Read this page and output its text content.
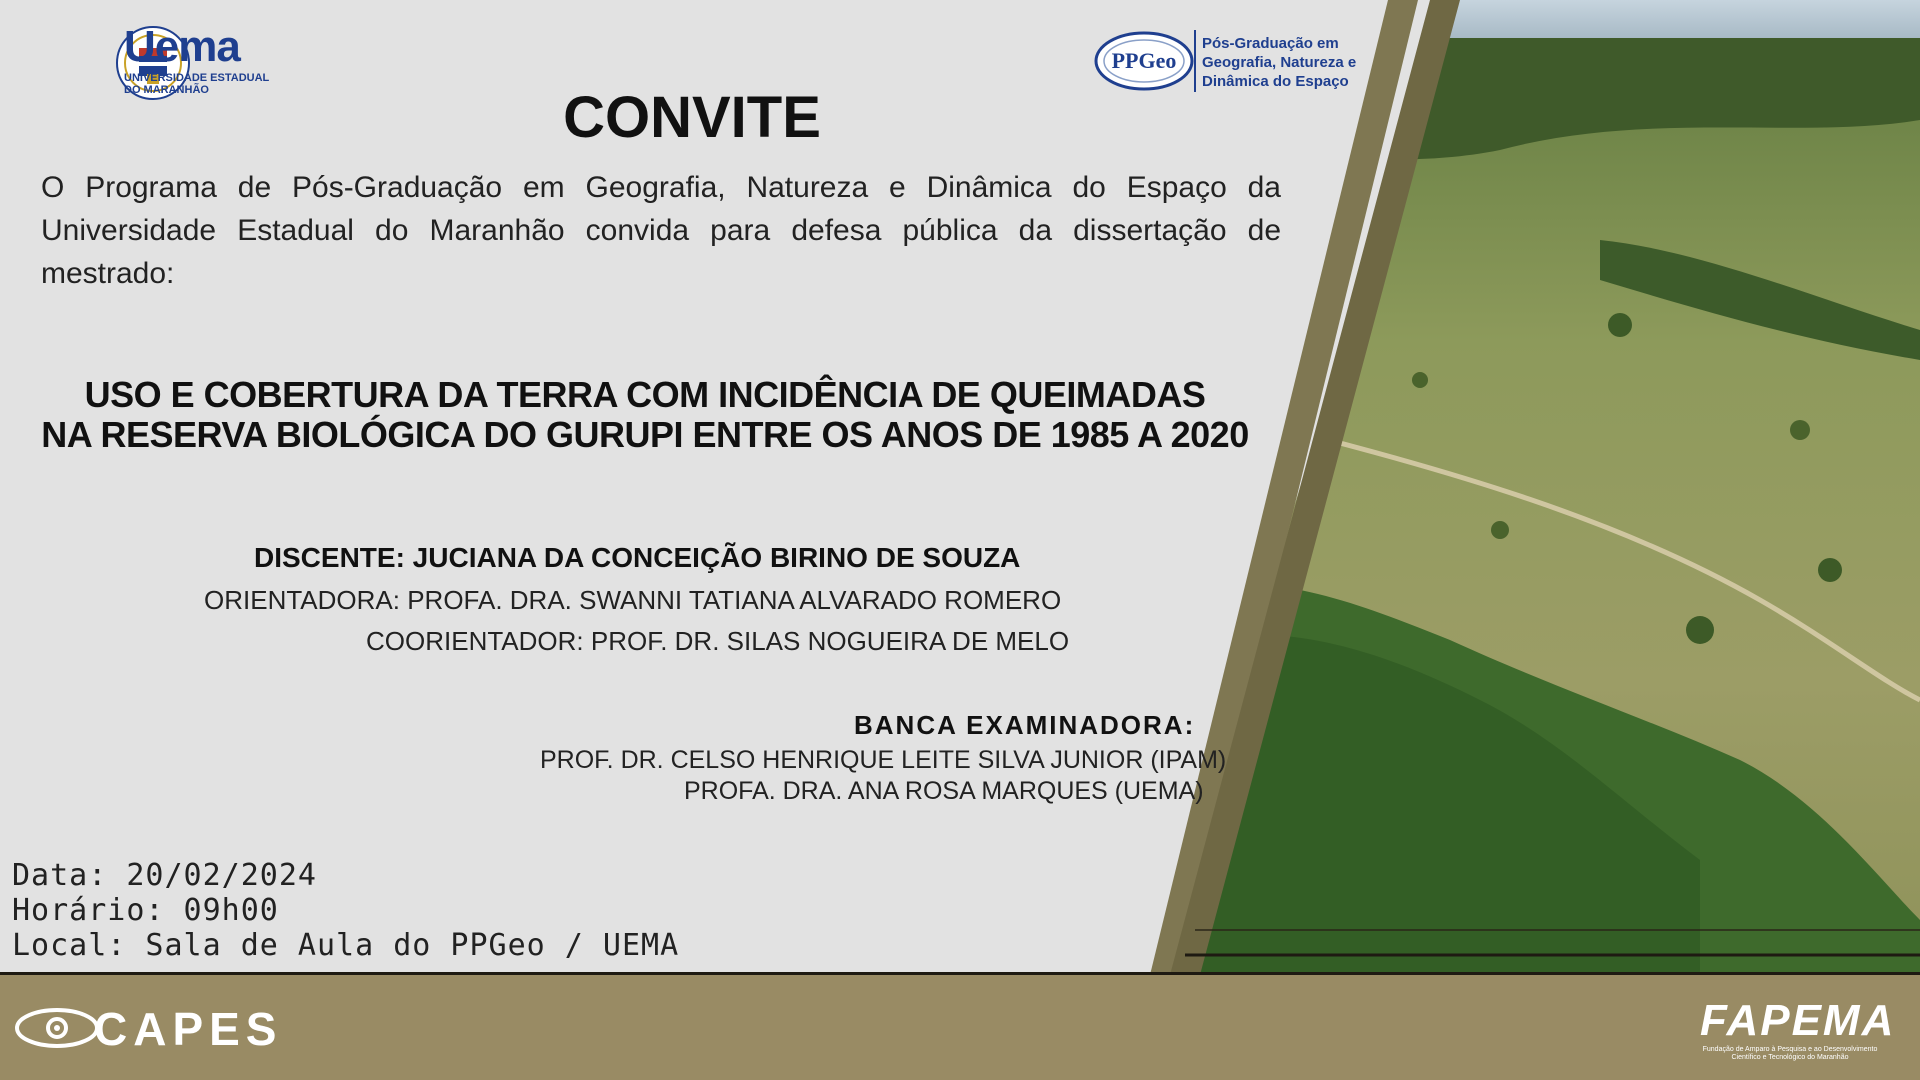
Uema
UNIVERSIDADE ESTADUAL DO MARANHÃO
PPGeo
Pós-Graduação em Geografia, Natureza e Dinâmica do Espaço
CONVITE
O Programa de Pós-Graduação em Geografia, Natureza e Dinâmica do Espaço da Universidade Estadual do Maranhão convida para defesa pública da dissertação de mestrado:
USO E COBERTURA DA TERRA COM INCIDÊNCIA DE QUEIMADAS
NA RESERVA BIOLÓGICA DO GURUPI ENTRE OS ANOS DE 1985 A 2020
DISCENTE: JUCIANA DA CONCEIÇÃO BIRINO DE SOUZA
ORIENTADORA: PROFA. DRA. SWANNI TATIANA ALVARADO ROMERO
COORIENTADOR: PROF. DR. SILAS NOGUEIRA DE MELO
BANCA EXAMINADORA:
PROF. DR. CELSO HENRIQUE LEITE SILVA JUNIOR (IPAM)
PROFA. DRA. ANA ROSA MARQUES (UEMA)
Data: 20/02/2024
Horário: 09h00
Local: Sala de Aula do PPGeo / UEMA
CAPES	FAPEMA
Fundação de Amparo à Pesquisa e ao Desenvolvimento Científico e Tecnológico do Maranhão
